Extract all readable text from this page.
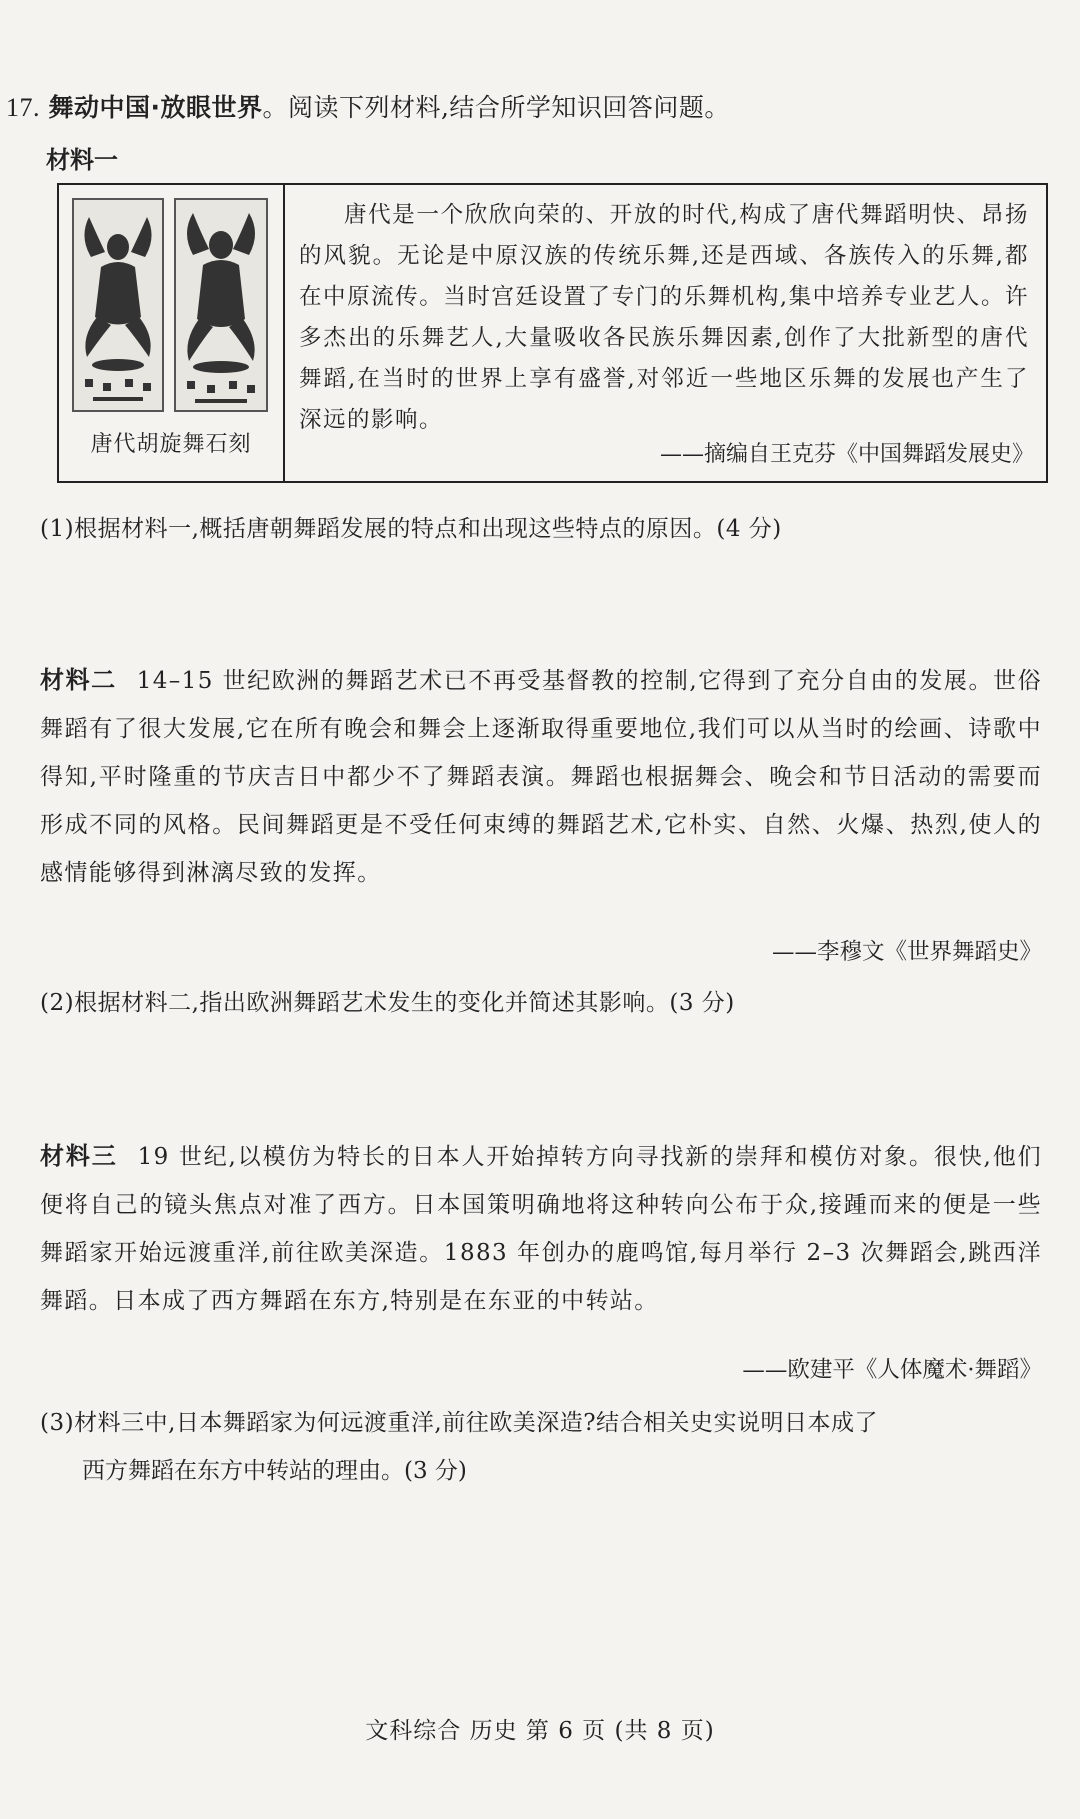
17. 舞动中国·放眼世界。阅读下列材料,结合所学知识回答问题。
材料一
唐代胡旋舞石刻

唐代是一个欣欣向荣的、开放的时代,构成了唐代舞蹈明快、昂扬的风貌。无论是中原汉族的传统乐舞,还是西域、各族传入的乐舞,都在中原流传。当时宫廷设置了专门的乐舞机构,集中培养专业艺人。许多杰出的乐舞艺人,大量吸收各民族乐舞因素,创作了大批新型的唐代舞蹈,在当时的世界上享有盛誉,对邻近一些地区乐舞的发展也产生了深远的影响。

——摘编自王克芬《中国舞蹈发展史》
(1)根据材料一,概括唐朝舞蹈发展的特点和出现这些特点的原因。(4 分)

材料二 14–15 世纪欧洲的舞蹈艺术已不再受基督教的控制,它得到了充分自由的发展。世俗舞蹈有了很大发展,它在所有晚会和舞会上逐渐取得重要地位,我们可以从当时的绘画、诗歌中得知,平时隆重的节庆吉日中都少不了舞蹈表演。舞蹈也根据舞会、晚会和节日活动的需要而形成不同的风格。民间舞蹈更是不受任何束缚的舞蹈艺术,它朴实、自然、火爆、热烈,使人的感情能够得到淋漓尽致的发挥。

——李穆文《世界舞蹈史》
(2)根据材料二,指出欧洲舞蹈艺术发生的变化并简述其影响。(3 分)

材料三 19 世纪,以模仿为特长的日本人开始掉转方向寻找新的崇拜和模仿对象。很快,他们便将自己的镜头焦点对准了西方。日本国策明确地将这种转向公布于众,接踵而来的便是一些舞蹈家开始远渡重洋,前往欧美深造。1883 年创办的鹿鸣馆,每月举行 2–3 次舞蹈会,跳西洋舞蹈。日本成了西方舞蹈在东方,特别是在东亚的中转站。

——欧建平《人体魔术·舞蹈》
(3)材料三中,日本舞蹈家为何远渡重洋,前往欧美深造?结合相关史实说明日本成了
西方舞蹈在东方中转站的理由。(3 分)
文科综合 历史 第 6 页 (共 8 页)
